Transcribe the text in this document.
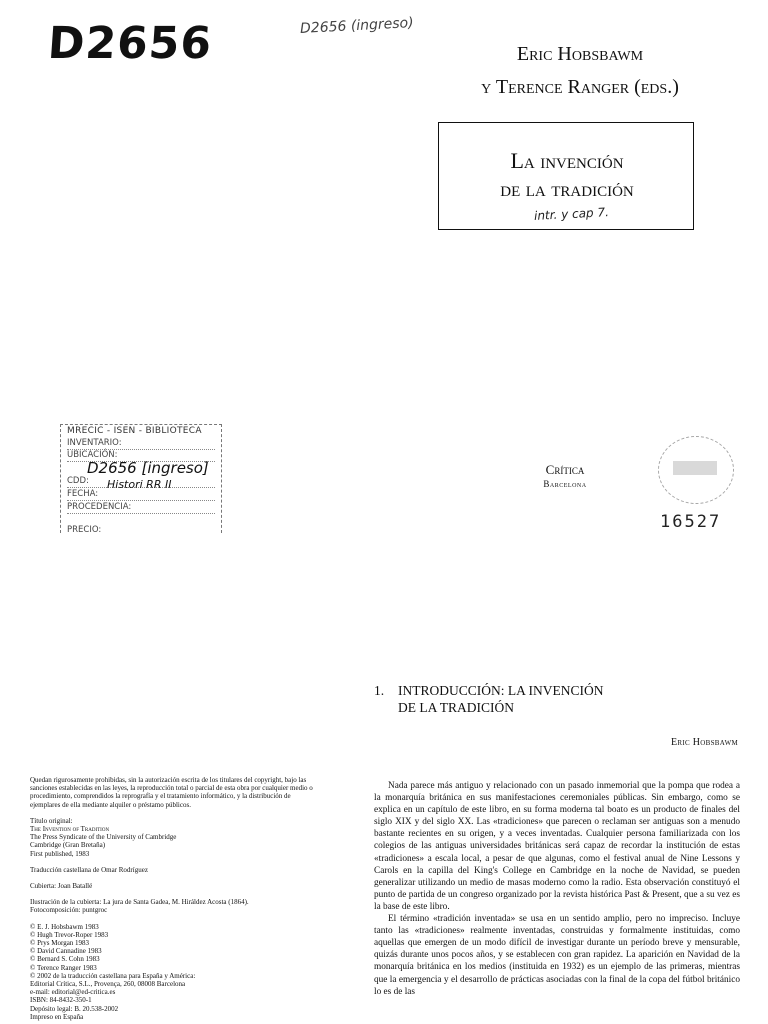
D2656	D2656 (ingreso)
Eric Hobsbawm
y Terence Ranger (eds.)
La invención
de la tradición
intr. y cap 7.
MRECIC - ISEN - BIBLIOTECA
INVENTARIO:
UBICACIÓN:
CDD:
FECHA:
PROCEDENCIA:
PRECIO:
D2656 [ingreso]
Histori RR II
Crítica
Barcelona
16527

Quedan rigurosamente prohibidas, sin la autorización escrita de los titulares del copyright, bajo las sanciones establecidas en las leyes, la reproducción total o parcial de esta obra por cualquier medio o procedimiento, comprendidos la reprografía y el tratamiento informático, y la distribución de ejemplares de ella mediante alquiler o préstamo públicos.

Título original:

The Invention of Tradition

The Press Syndicate of the University of Cambridge

Cambridge (Gran Bretaña)

First published, 1983

Traducción castellana de Omar Rodríguez

Cubierta: Joan Batallé

Ilustración de la cubierta: La jura de Santa Gadea, M. Hiráldez Acosta (1864).

Fotocomposición: puntgroc

© E. J. Hobsbawm 1983

© Hugh Trevor-Roper 1983

© Prys Morgan 1983

© David Cannadine 1983

© Bernard S. Cohn 1983

© Terence Ranger 1983

© 2002 de la traducción castellana para España y América:

Editorial Crítica, S.L., Provença, 260, 08008 Barcelona

e-mail: editorial@ed-critica.es

ISBN: 84-8432-350-1

Depósito legal: B. 20.538-2002

Impreso en España

1. INTRODUCCIÓN: LA INVENCIÓN
DE LA TRADICIÓN
Eric Hobsbawm

Nada parece más antiguo y relacionado con un pasado inmemorial que la pompa que rodea a la monarquía británica en sus manifestaciones ceremoniales públicas. Sin embargo, como se explica en un capítulo de este libro, en su forma moderna tal boato es un producto de finales del siglo XIX y del siglo XX. Las «tradiciones» que parecen o reclaman ser antiguas son a menudo bastante recientes en su origen, y a veces inventadas. Cualquier persona familiarizada con los colegios de las antiguas universidades británicas será capaz de recordar la institución de estas «tradiciones» a escala local, a pesar de que algunas, como el festival anual de Nine Lessons y Carols en la capilla del King's College en Cambridge en la noche de Navidad, se pueden generalizar utilizando un medio de masas moderno como la radio. Esta observación constituyó el punto de partida de un congreso organizado por la revista histórica Past & Present, que a su vez es la base de este libro.

El término «tradición inventada» se usa en un sentido amplio, pero no impreciso. Incluye tanto las «tradiciones» realmente inventadas, construidas y formalmente instituidas, como aquellas que emergen de un modo difícil de investigar durante un período breve y mensurable, quizás durante unos pocos años, y se establecen con gran rapidez. La aparición en Navidad de la monarquía británica en los medios (instituida en 1932) es un ejemplo de las primeras, mientras que la emergencia y el desarrollo de prácticas asociadas con la final de la copa del fútbol británico lo es de las
